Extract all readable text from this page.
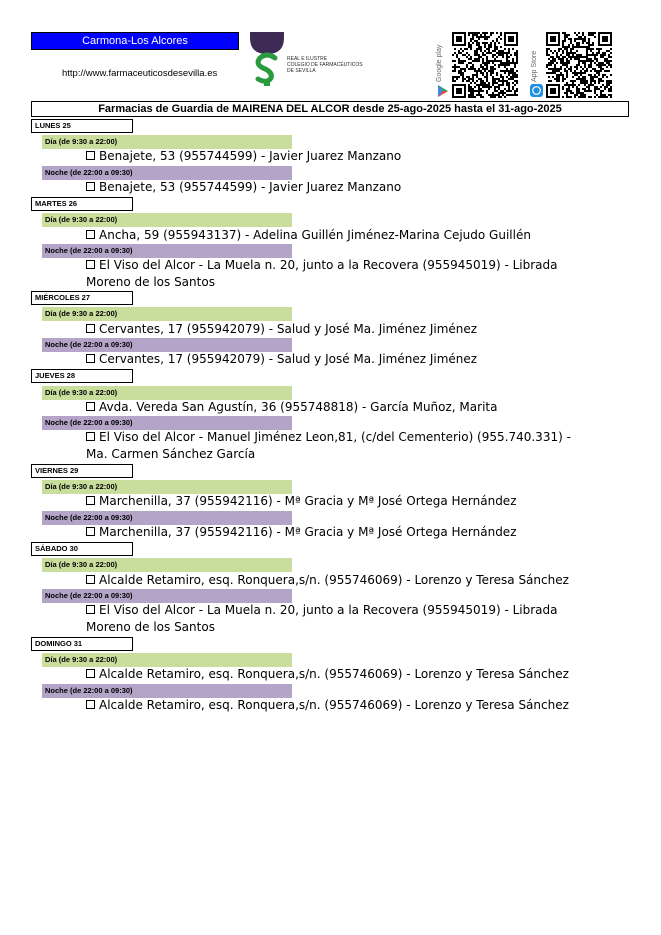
Carmona-Los Alcores
http://www.farmaceuticosdesevilla.es
REAL E ILUSTRE
COLEGIO DE FARMACÉUTICOS
DE SEVILLA	Google play	App Store
Farmacias de Guardia de MAIRENA DEL ALCOR desde 25-ago-2025 hasta el 31-ago-2025
LUNES 25
Día (de 9:30 a 22:00)
Benajete, 53 (955744599) - Javier Juarez Manzano
Noche (de 22:00 a 09:30)
Benajete, 53 (955744599) - Javier Juarez Manzano
MARTES 26
Día (de 9:30 a 22:00)
Ancha, 59 (955943137) - Adelina Guillén Jiménez-Marina Cejudo Guillén
Noche (de 22:00 a 09:30)
El Viso del Alcor - La Muela n. 20, junto a la Recovera (955945019) - Librada Moreno de los Santos
MIÉRCOLES 27
Día (de 9:30 a 22:00)
Cervantes, 17 (955942079) - Salud y José Ma. Jiménez Jiménez
Noche (de 22:00 a 09:30)
Cervantes, 17 (955942079) - Salud y José Ma. Jiménez Jiménez
JUEVES 28
Día (de 9:30 a 22:00)
Avda. Vereda San Agustín, 36 (955748818) - García Muñoz, Marita
Noche (de 22:00 a 09:30)
El Viso del Alcor - Manuel Jiménez Leon,81, (c/del Cementerio) (955.740.331) - Ma. Carmen Sánchez García
VIERNES 29
Día (de 9:30 a 22:00)
Marchenilla, 37 (955942116) - Mª Gracia y Mª José Ortega Hernández
Noche (de 22:00 a 09:30)
Marchenilla, 37 (955942116) - Mª Gracia y Mª José Ortega Hernández
SÁBADO 30
Día (de 9:30 a 22:00)
Alcalde Retamiro, esq. Ronquera,s/n. (955746069) - Lorenzo y Teresa Sánchez
Noche (de 22:00 a 09:30)
El Viso del Alcor - La Muela n. 20, junto a la Recovera (955945019) - Librada Moreno de los Santos
DOMINGO 31
Día (de 9:30 a 22:00)
Alcalde Retamiro, esq. Ronquera,s/n. (955746069) - Lorenzo y Teresa Sánchez
Noche (de 22:00 a 09:30)
Alcalde Retamiro, esq. Ronquera,s/n. (955746069) - Lorenzo y Teresa Sánchez
